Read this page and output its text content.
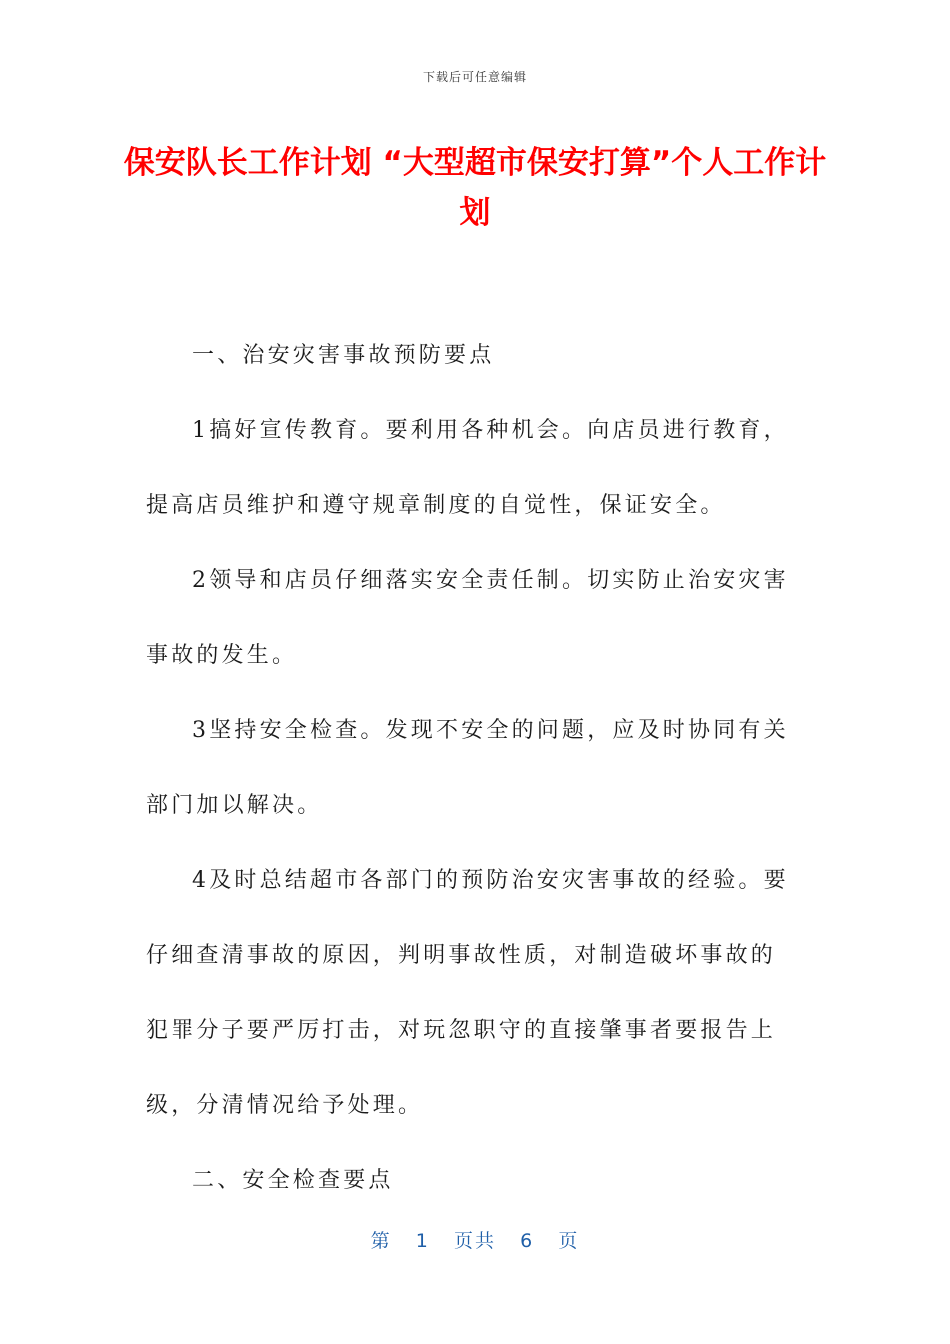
下载后可任意编辑
保安队长工作计划 “大型超市保安打算”个人工作计划

一、治安灾害事故预防要点

1搞好宣传教育。要利用各种机会。向店员进行教育，提高店员维护和遵守规章制度的自觉性，保证安全。

2领导和店员仔细落实安全责任制。切实防止治安灾害事故的发生。

3坚持安全检查。发现不安全的问题，应及时协同有关部门加以解决。

4及时总结超市各部门的预防治安灾害事故的经验。要仔细查清事故的原因，判明事故性质，对制造破坏事故的犯罪分子要严厉打击，对玩忽职守的直接肇事者要报告上级，分清情况给予处理。

二、安全检查要点

第 1 页共 6 页
